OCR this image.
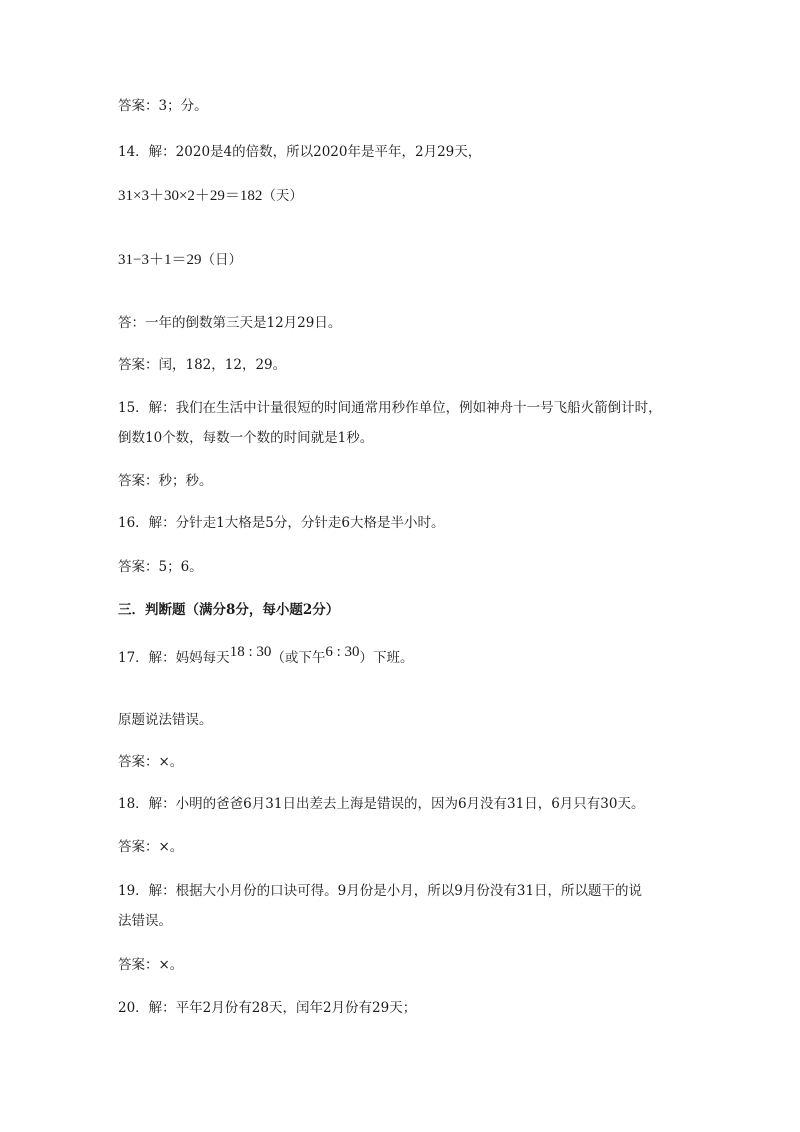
答案：3；分。
14．解：2020是4的倍数，所以2020年是平年，2月29天，
31×3＋30×2＋29＝182（天）
31−3＋1＝29（日）
答：一年的倒数第三天是12月29日。
答案：闰，182，12，29。
15．解：我们在生活中计量很短的时间通常用秒作单位，例如神舟十一号飞船火箭倒计时，
倒数10个数，每数一个数的时间就是1秒。
答案：秒；秒。
16．解：分针走1大格是5分，分针走6大格是半小时。
答案：5；6。
三．判断题（满分8分，每小题2分）
17．解：妈妈每天18 : 30（或下午6 : 30）下班。
原题说法错误。
答案：×。
18．解：小明的爸爸6月31日出差去上海是错误的，因为6月没有31日，6月只有30天。
答案：×。
19．解：根据大小月份的口诀可得。9月份是小月，所以9月份没有31日，所以题干的说
法错误。
答案：×。
20．解：平年2月份有28天，闰年2月份有29天；
